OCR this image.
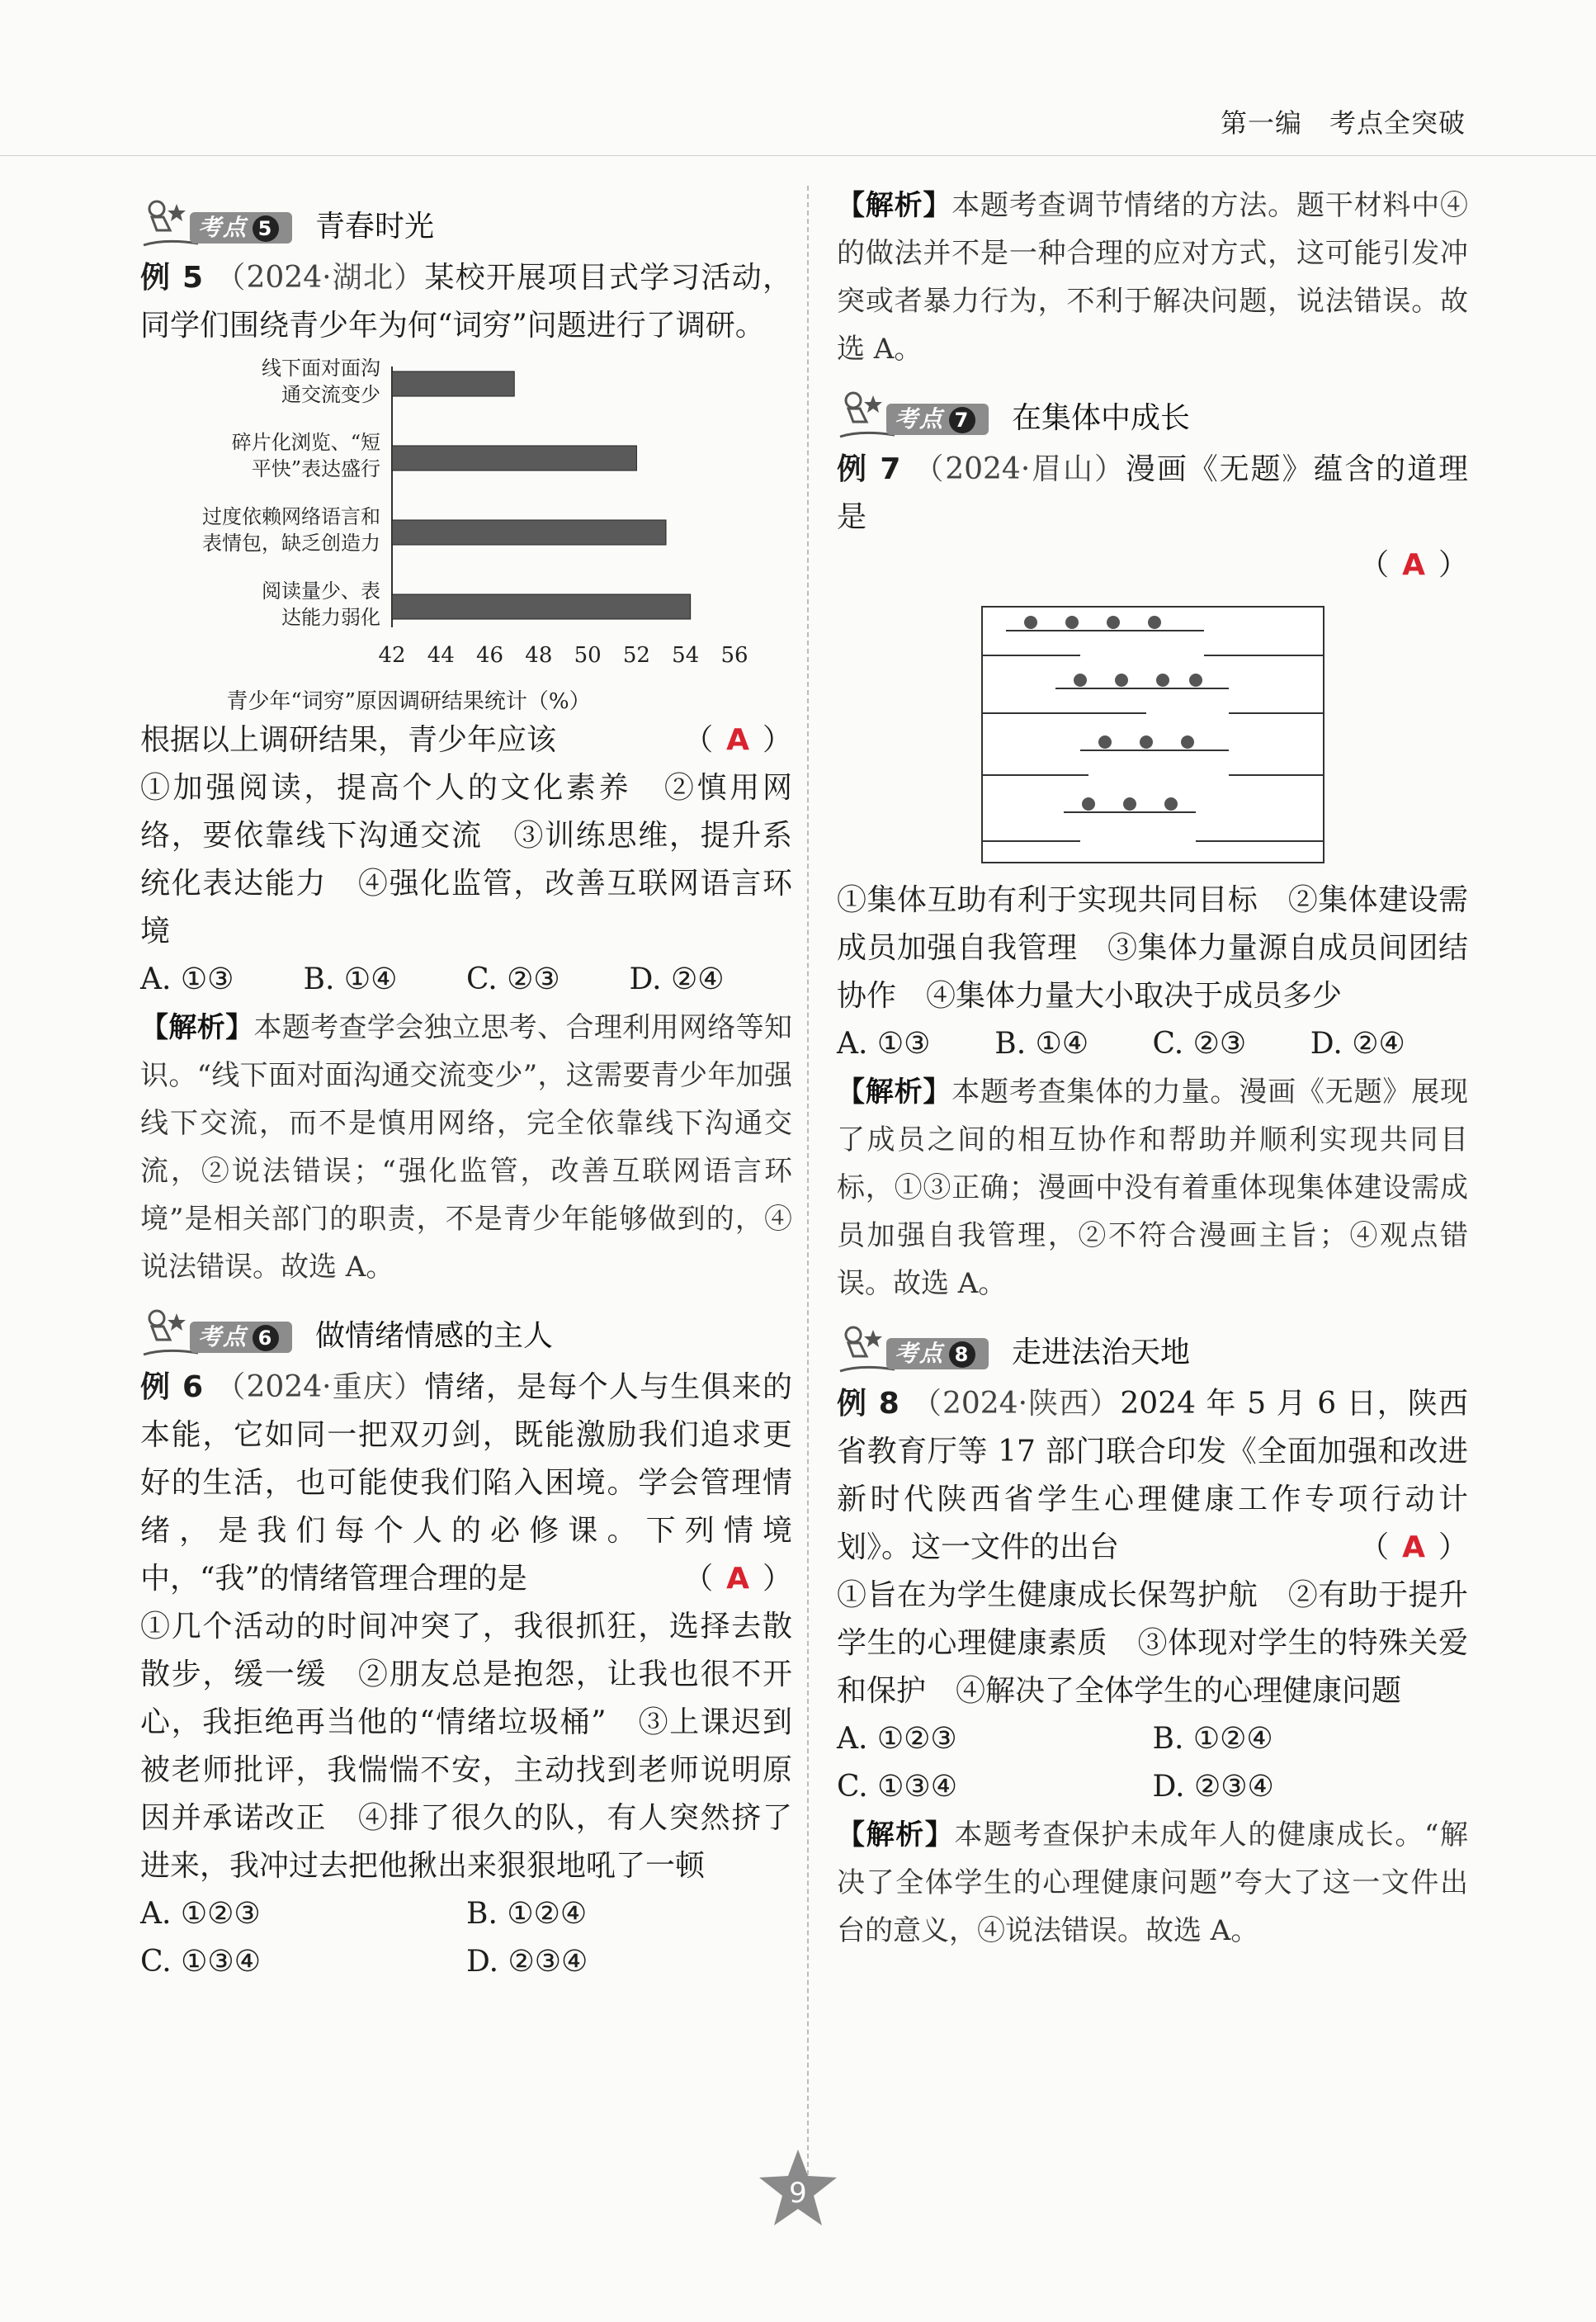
第一编　考点全突破
考点 5	青春时光

例 5 （2024·湖北）某校开展项目式学习活动，同学们围绕青少年为何“词穷”问题进行了调研。

线下面对面沟
通交流变少
碎片化浏览、“短
平快”表达盛行
过度依赖网络语言和
表情包，缺乏创造力
阅读量少、表
达能力弱化
42 44 46 48 50 52 54 56
青少年“词穷”原因调研结果统计（%）

根据以上调研结果，青少年应该	（ A ）

①加强阅读，提高个人的文化素养　②慎用网络，要依靠线下沟通交流　③训练思维，提升系统化表达能力　④强化监管，改善互联网语言环境

A. ①③	B. ①④	C. ②③	D. ②④

【解析】本题考查学会独立思考、合理利用网络等知识。“线下面对面沟通交流变少”，这需要青少年加强线下交流，而不是慎用网络，完全依靠线下沟通交流，②说法错误；“强化监管，改善互联网语言环境”是相关部门的职责，不是青少年能够做到的，④说法错误。故选 A。

考点 6	做情绪情感的主人

例 6 （2024·重庆）情绪，是每个人与生俱来的本能，它如同一把双刃剑，既能激励我们追求更好的生活，也可能使我们陷入困境。学会管理情绪，是我们每个人的必修课。下列情境中，“我”的情绪管理合理的是	（ A ）

①几个活动的时间冲突了，我很抓狂，选择去散散步，缓一缓　②朋友总是抱怨，让我也很不开心，我拒绝再当他的“情绪垃圾桶”　③上课迟到被老师批评，我惴惴不安，主动找到老师说明原因并承诺改正　④排了很久的队，有人突然挤了进来，我冲过去把他揪出来狠狠地吼了一顿

A. ①②③	B. ①②④
C. ①③④	D. ②③④

【解析】本题考查调节情绪的方法。题干材料中④的做法并不是一种合理的应对方式，这可能引发冲突或者暴力行为，不利于解决问题，说法错误。故选 A。

考点 7	在集体中成长

例 7 （2024·眉山）漫画《无题》蕴含的道理是

（ A ）

①集体互助有利于实现共同目标　②集体建设需成员加强自我管理　③集体力量源自成员间团结协作　④集体力量大小取决于成员多少

A. ①③	B. ①④	C. ②③	D. ②④

【解析】本题考查集体的力量。漫画《无题》展现了成员之间的相互协作和帮助并顺利实现共同目标，①③正确；漫画中没有着重体现集体建设需成员加强自我管理，②不符合漫画主旨；④观点错误。故选 A。

考点 8	走进法治天地

例 8 （2024·陕西）2024 年 5 月 6 日，陕西省教育厅等 17 部门联合印发《全面加强和改进新时代陕西省学生心理健康工作专项行动计划》。这一文件的出台	（ A ）

①旨在为学生健康成长保驾护航　②有助于提升学生的心理健康素质　③体现对学生的特殊关爱和保护　④解决了全体学生的心理健康问题

A. ①②③	B. ①②④
C. ①③④	D. ②③④

【解析】本题考查保护未成年人的健康成长。“解决了全体学生的心理健康问题”夸大了这一文件出台的意义，④说法错误。故选 A。

9
